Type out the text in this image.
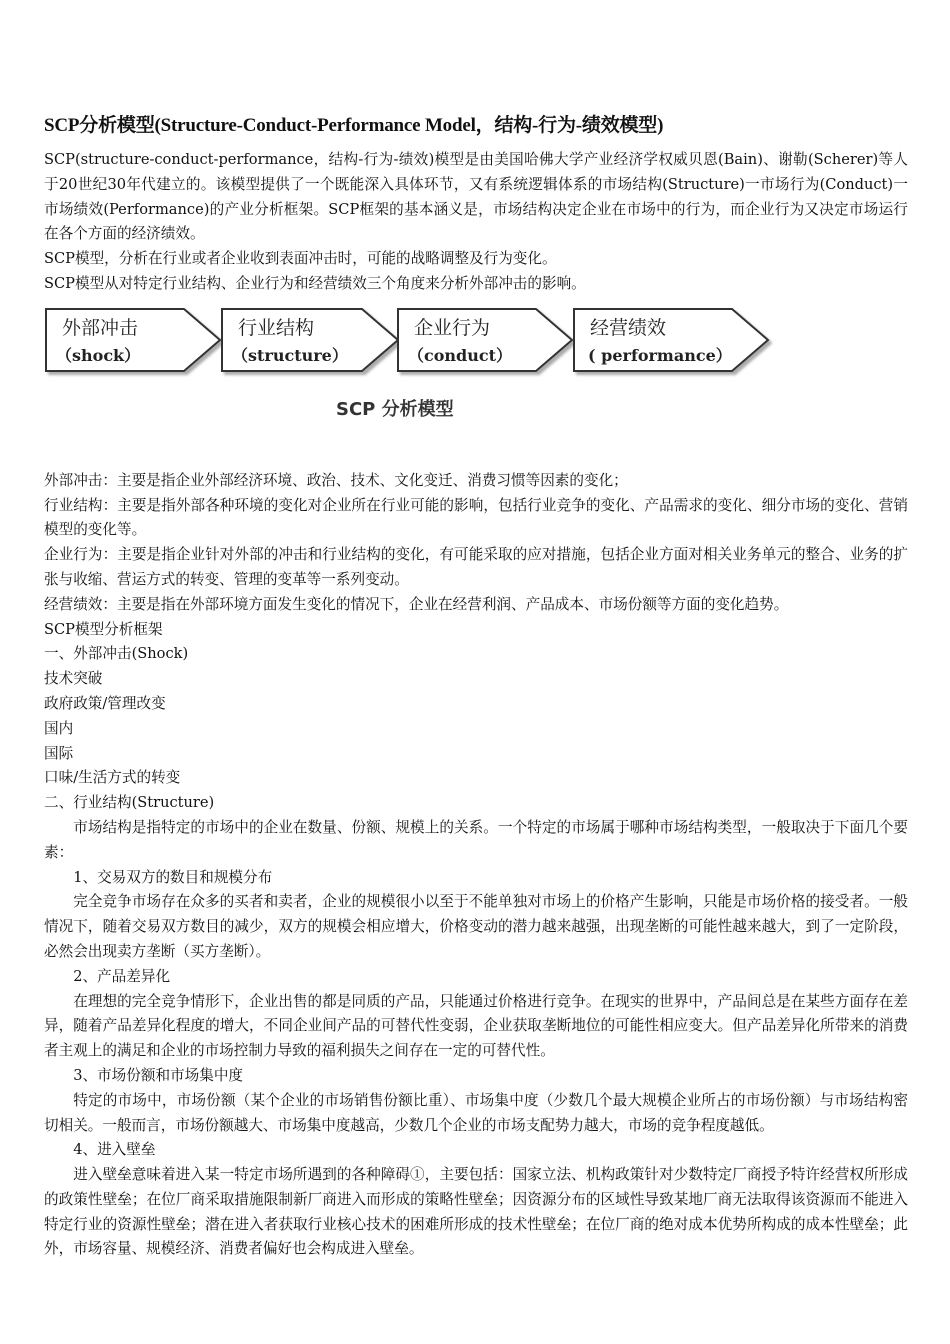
SCP分析模型(Structure-Conduct-Performance Model，结构-行为-绩效模型)

SCP(structure-conduct-performance，结构-行为-绩效)模型是由美国哈佛大学产业经济学权威贝恩(Bain)、谢勒(Scherer)等人于20世纪30年代建立的。该模型提供了一个既能深入具体环节，又有系统逻辑体系的市场结构(Structure)一市场行为(Conduct)一市场绩效(Performance)的产业分析框架。SCP框架的基本涵义是，市场结构决定企业在市场中的行为，而企业行为又决定市场运行在各个方面的经济绩效。

SCP模型，分析在行业或者企业收到表面冲击时，可能的战略调整及行为变化。

SCP模型从对特定行业结构、企业行为和经营绩效三个角度来分析外部冲击的影响。

外部冲击
（shock）
行业结构
（structure）
企业行为
（conduct）
经营绩效
( performance）
SCP 分析模型

外部冲击：主要是指企业外部经济环境、政治、技术、文化变迁、消费习惯等因素的变化；

行业结构：主要是指外部各种环境的变化对企业所在行业可能的影响，包括行业竞争的变化、产品需求的变化、细分市场的变化、营销模型的变化等。

企业行为：主要是指企业针对外部的冲击和行业结构的变化，有可能采取的应对措施，包括企业方面对相关业务单元的整合、业务的扩张与收缩、营运方式的转变、管理的变革等一系列变动。

经营绩效：主要是指在外部环境方面发生变化的情况下，企业在经营利润、产品成本、市场份额等方面的变化趋势。

SCP模型分析框架

一、外部冲击(Shock)

技术突破

政府政策/管理改变

国内

国际

口味/生活方式的转变

二、行业结构(Structure)

市场结构是指特定的市场中的企业在数量、份额、规模上的关系。一个特定的市场属于哪种市场结构类型，一般取决于下面几个要素：

1、交易双方的数目和规模分布

完全竞争市场存在众多的买者和卖者，企业的规模很小以至于不能单独对市场上的价格产生影响，只能是市场价格的接受者。一般情况下，随着交易双方数目的减少，双方的规模会相应增大，价格变动的潜力越来越强，出现垄断的可能性越来越大，到了一定阶段，必然会出现卖方垄断（买方垄断）。

2、产品差异化

在理想的完全竞争情形下，企业出售的都是同质的产品，只能通过价格进行竞争。在现实的世界中，产品间总是在某些方面存在差异，随着产品差异化程度的增大，不同企业间产品的可替代性变弱，企业获取垄断地位的可能性相应变大。但产品差异化所带来的消费者主观上的满足和企业的市场控制力导致的福利损失之间存在一定的可替代性。

3、市场份额和市场集中度

特定的市场中，市场份额（某个企业的市场销售份额比重）、市场集中度（少数几个最大规模企业所占的市场份额）与市场结构密切相关。一般而言，市场份额越大、市场集中度越高，少数几个企业的市场支配势力越大，市场的竞争程度越低。

4、进入壁垒

进入壁垒意味着进入某一特定市场所遇到的各种障碍①，主要包括：国家立法、机构政策针对少数特定厂商授予特许经营权所形成的政策性壁垒；在位厂商采取措施限制新厂商进入而形成的策略性壁垒；因资源分布的区域性导致某地厂商无法取得该资源而不能进入特定行业的资源性壁垒；潜在进入者获取行业核心技术的困难所形成的技术性壁垒；在位厂商的绝对成本优势所构成的成本性壁垒；此外，市场容量、规模经济、消费者偏好也会构成进入壁垒。
